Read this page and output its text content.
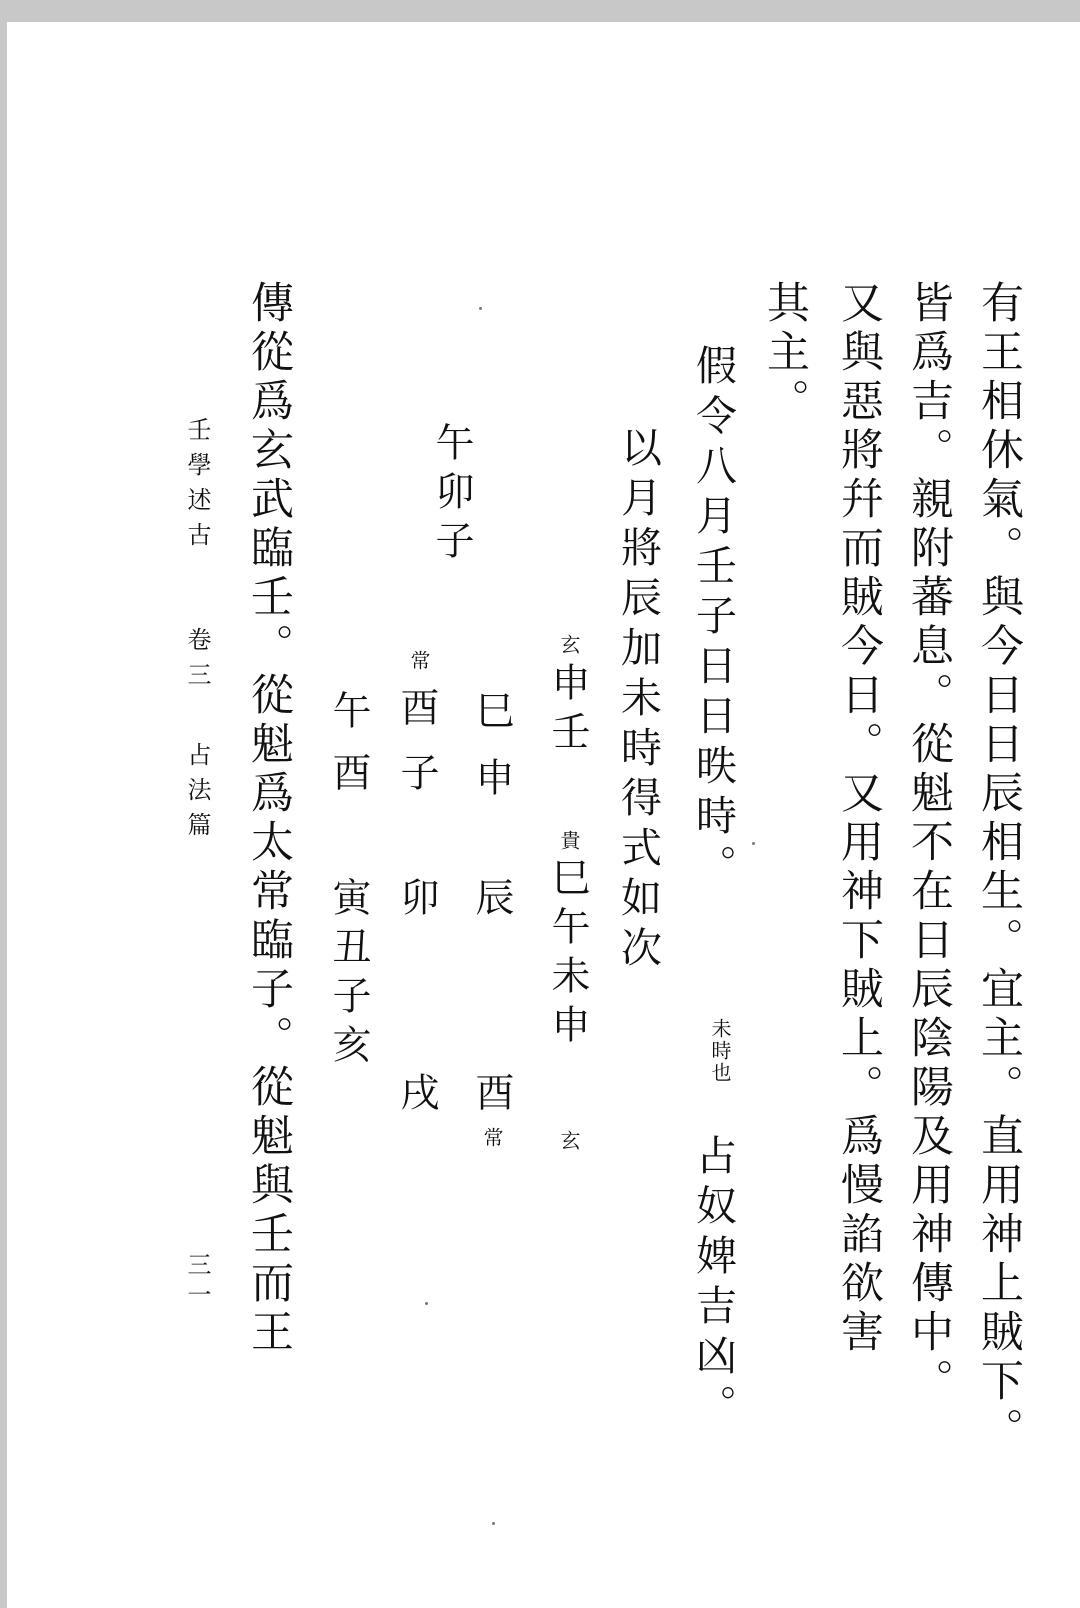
有王相休氣。與今日日辰相生。宜主。直用神上賊下。
皆爲吉。親附蕃息。從魁不在日辰陰陽及用神傳中。
又與惡將幷而賊今日。又用神下賊上。爲慢諂欲害
其主。
假令八月壬子日日昳時。
未時也
占奴婢吉凶。
以月將辰加未時得式如次
玄
申壬
貴
巳午未申
玄
巳
申
辰
酉
常
常
酉
子
卯
戌
午
酉
寅丑子亥
午卯子
傳從爲玄武臨壬。從魁爲太常臨子。從魁與壬而王
壬學述古
卷三
占法篇
三一
